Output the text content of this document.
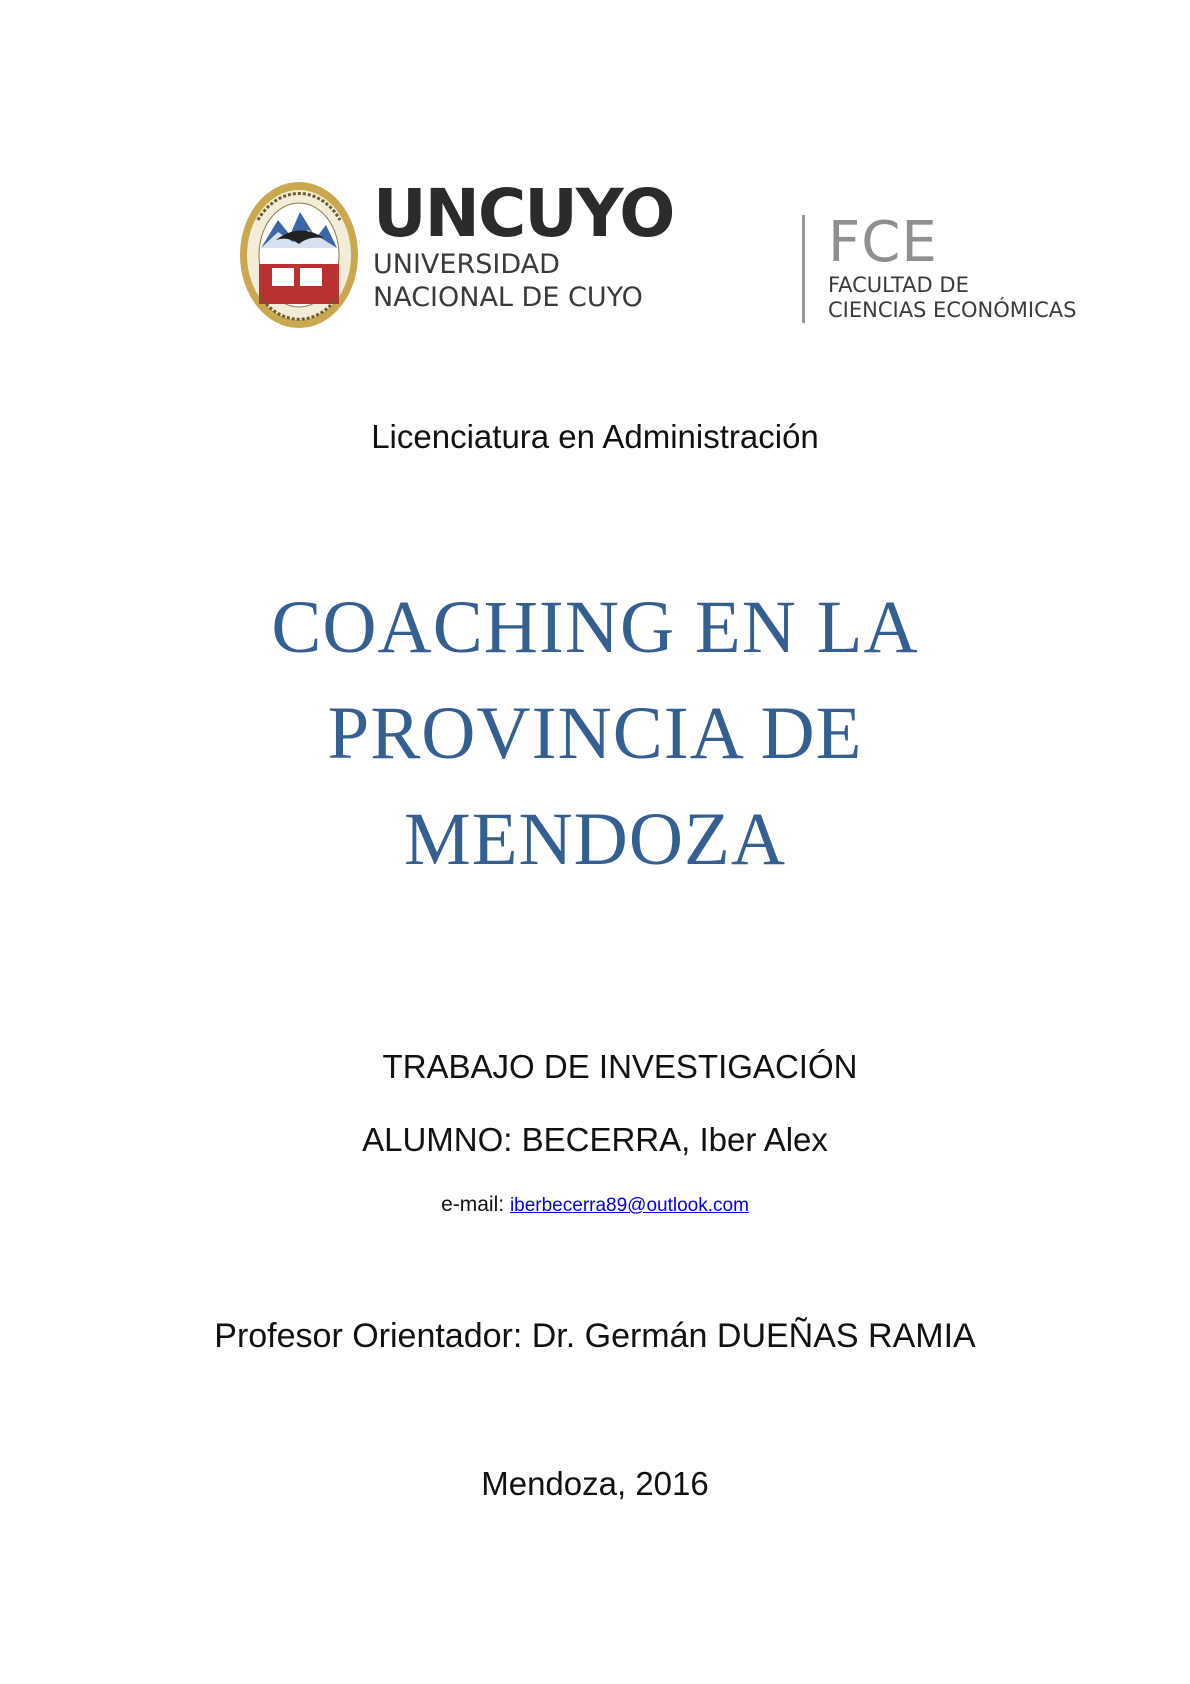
UNCUYO
UNIVERSIDAD
NACIONAL DE CUYO
FCE
FACULTAD DE
CIENCIAS ECONÓMICAS
Licenciatura en Administración
COACHING EN LA
PROVINCIA DE
MENDOZA
TRABAJO DE INVESTIGACIÓN
ALUMNO: BECERRA, Iber Alex
e-mail: iberbecerra89@outlook.com
Profesor Orientador: Dr. Germán DUEÑAS RAMIA
Mendoza, 2016
